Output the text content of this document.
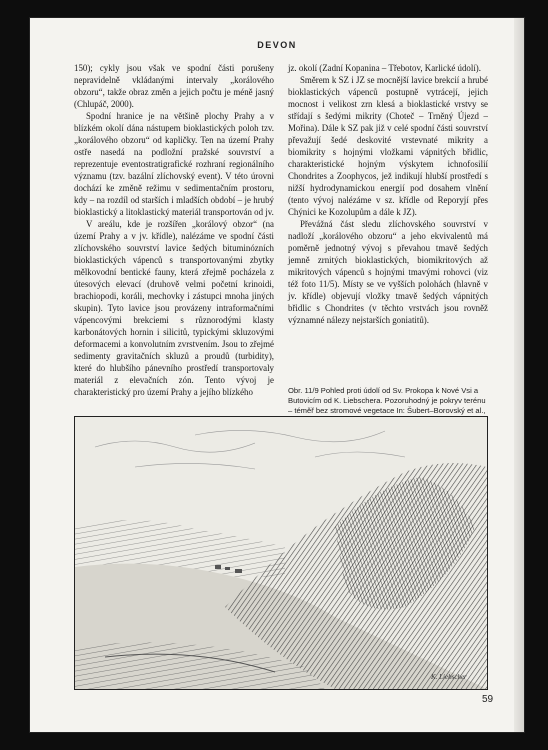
DEVON

150); cykly jsou však ve spodní části porušeny nepravidelně vkládanými intervaly „korálového obzoru“, takže obraz změn a jejich počtu je méně jasný (Chlupáč, 2000).

Spodní hranice je na většině plochy Prahy a v blízkém okolí dána nástupem bioklastických poloh tzv. „korálového obzoru“ od kapličky. Ten na území Prahy ostře nasedá na podložní pražské souvrství a reprezentuje eventostratigrafické rozhraní regionálního významu (tzv. bazální zlíchovský event). V této úrovni dochází ke změně režimu v sedimentačním prostoru, kdy – na rozdíl od starších i mladších období – je hrubý bioklastický a litoklastický materiál transportován od jv.

V areálu, kde je rozšířen „korálový obzor“ (na území Prahy a v jv. křídle), nalézáme ve spodní části zlíchovského souvrství lavice šedých bituminózních bioklastických vápenců s transportovanými zbytky mělkovodní bentické fauny, která zřejmě pocházela z útesových elevací (druhově velmi početní krinoidi, brachiopodi, koráli, mechovky i zástupci mnoha jiných skupin). Tyto lavice jsou provázeny intraformačními vápencovými brekciemi s různorodými klasty karbonátových hornin i silicitů, typickými skluzovými deformacemi a konvolutním zvrstvením. Jsou to zřejmé sedimenty gravitačních skluzů a proudů (turbidity), které do hlubšího pánevního prostředí transportovaly materiál z elevačních zón. Tento vývoj je charakteristický pro území Prahy a jejího blízkého

jz. okolí (Zadní Kopanina – Třebotov, Karlické údolí).

Směrem k SZ i JZ se mocnější lavice brekcií a hrubé bioklastických vápenců postupně vytrácejí, jejich mocnost i velikost zrn klesá a bioklastické vrstvy se střídají s šedými mikrity (Choteč – Trněný Újezd – Mořina). Dále k SZ pak již v celé spodní části souvrství převažují šedé deskovité vrstevnaté mikrity a biomikrity s hojnými vložkami vápnitých břidlic, charakteristické hojným výskytem ichnofosilií Chondrites a Zoophycos, jež indikují hlubší prostředí s nižší hydrodynamickou energií pod dosahem vlnění (tento vývoj nalézáme v sz. křídle od Reporyjí přes Chýnici ke Kozolupům a dále k JZ).

Převážná část sledu zlíchovského souvrství v nadloží „korálového obzoru“ a jeho ekvivalentů má poměrně jednotný vývoj s převahou tmavě šedých jemně zrnitých bioklastických, biomikritových až mikritových vápenců s hojnými tmavými rohovci (viz též foto 11/5). Místy se ve vyšších polohách (hlavně v jv. křídle) objevují vložky tmavě šedých vápnitých břidlic s Chondrites (v těchto vrstvách jsou rovněž významné nálezy nejstarších goniatitů).

Obr. 11/9 Pohled proti údolí od Sv. Prokopa k Nové Vsi a Butovicím od K. Liebschera. Pozoruhodný je pokryv terénu – téměř bez stromové vegetace In: Šubert–Borovský et al.,
K. Liebscher
59
